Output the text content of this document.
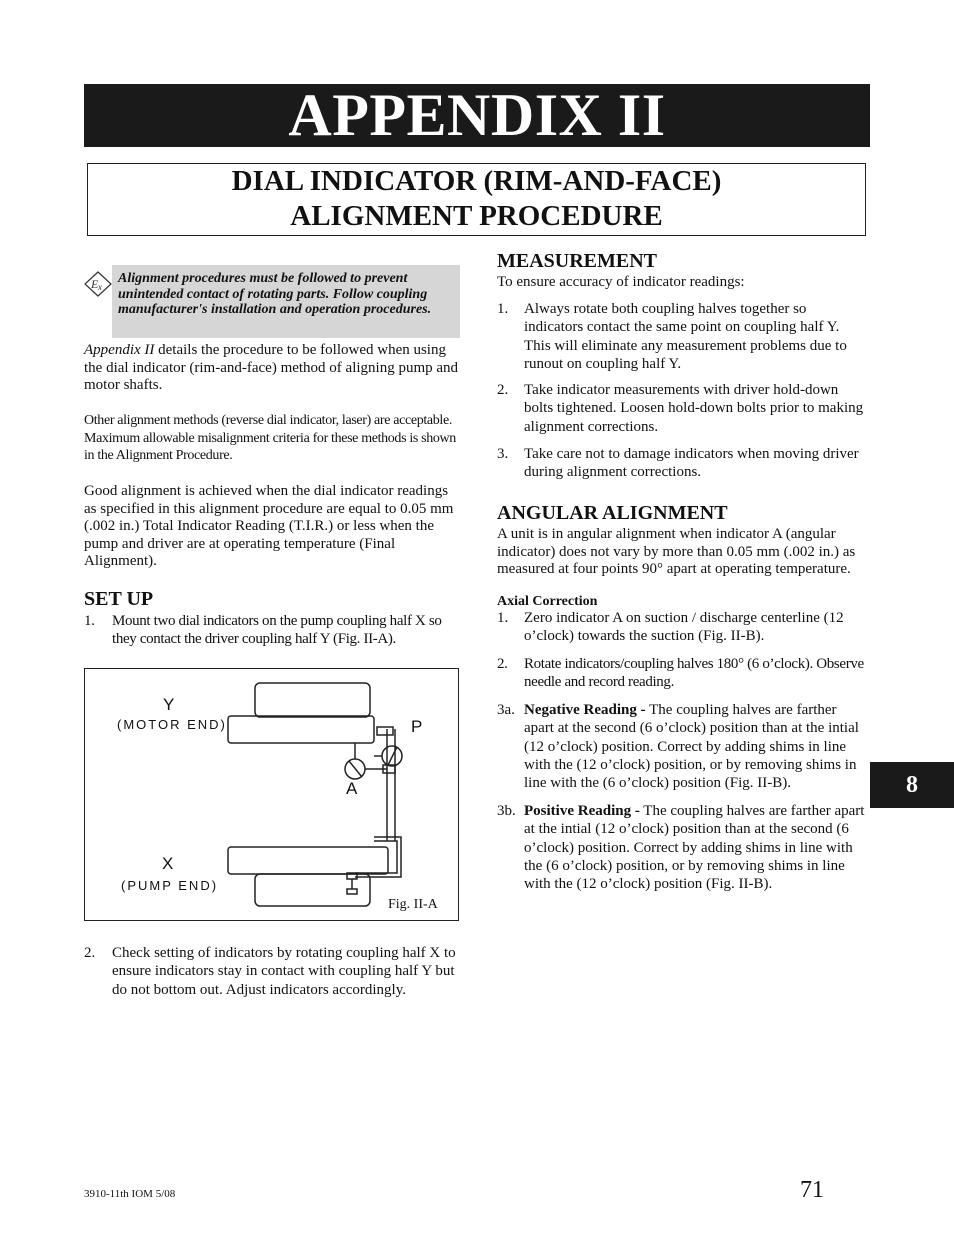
APPENDIX II
DIAL INDICATOR (RIM-AND-FACE)
ALIGNMENT PROCEDURE
E x
Alignment procedures must be followed to prevent unintended contact of rotating parts. Follow coupling manufacturer's installation and operation procedures.
Appendix II details the procedure to be followed when using the dial indicator (rim-and-face) method of aligning pump and motor shafts.
Other alignment methods (reverse dial indicator, laser) are acceptable. Maximum allowable misalignment criteria for these methods is shown in the Alignment Procedure.
Good alignment is achieved when the dial indicator readings as specified in this alignment procedure are equal to 0.05 mm (.002 in.) Total Indicator Reading (T.I.R.) or less when the pump and driver are at operating temperature (Final Alignment).
SET UP
1. Mount two dial indicators on the pump coupling half X so they contact the driver coupling half Y (Fig. II-A).
Y
(MOTOR END)	P
A
X
(PUMP END)
Fig. II-A
2. Check setting of indicators by rotating coupling half X to ensure indicators stay in contact with coupling half Y but do not bottom out. Adjust indicators accordingly.
MEASUREMENT
To ensure accuracy of indicator readings:
1. Always rotate both coupling halves together so indicators contact the same point on coupling half Y. This will eliminate any measurement problems due to runout on coupling half Y.
2. Take indicator measurements with driver hold-down bolts tightened. Loosen hold-down bolts prior to making alignment corrections.
3. Take care not to damage indicators when moving driver during alignment corrections.
ANGULAR ALIGNMENT
A unit is in angular alignment when indicator A (angular indicator) does not vary by more than 0.05 mm (.002 in.) as measured at four points 90° apart at operating temperature.
Axial Correction
1. Zero indicator A on suction / discharge centerline (12 o’clock) towards the suction (Fig. II-B).
2. Rotate indicators/coupling halves 180° (6 o’clock). Observe needle and record reading.
3a. Negative Reading - The coupling halves are farther apart at the second (6 o’clock) position than at the intial (12 o’clock) position. Correct by adding shims in line with the (12 o’clock) position, or by removing shims in line with the (6 o’clock) position (Fig. II-B).
3b. Positive Reading - The coupling halves are farther apart at the intial (12 o’clock) position than at the second (6 o’clock) position. Correct by adding shims in line with the (6 o’clock) position, or by removing shims in line with the (12 o’clock) position (Fig. II-B).
8
3910-11th IOM 5/08	71
